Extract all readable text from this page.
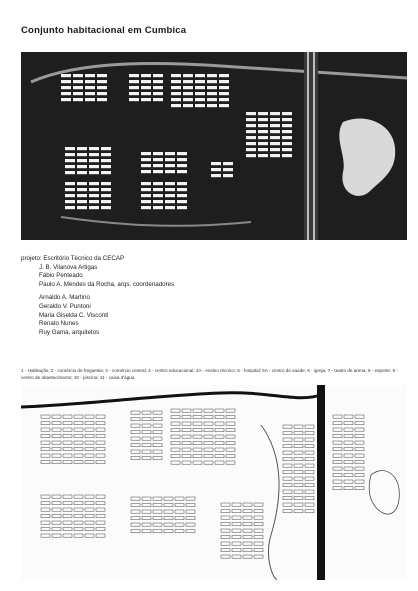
Conjunto habitacional em Cumbica
projeto: Escritório Técnico da CECAP
J. B. Vilanova Artigas
Fábio Penteado
Paulo A. Mendes da Rocha, arqs. coordenadores
Arnaldo A. Martino
Geraldo V. Puntoni
Maria Giselda C. Visconti
Renato Nunes
Ruy Gama, arquitetos
1 - Habitação; 2 - comércio de freguesia; 3 - comércio central; 4 - centro educacional; 4A - ensino técnico; 5 - hospital; 5A - centro de saúde; 6 - igreja; 7 - teatro de arena; 8 - esporte; 9 - centro de abastecimento; 10 - piscina; 11 - caixa d'água
